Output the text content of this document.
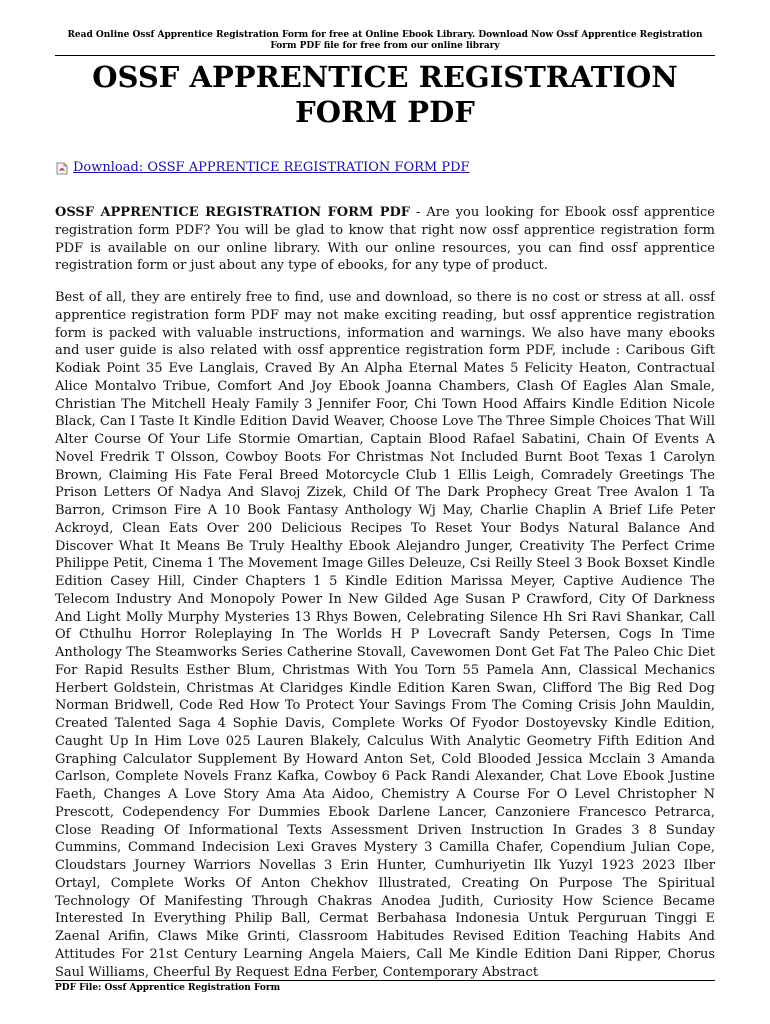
Read Online Ossf Apprentice Registration Form for free at Online Ebook Library. Download Now Ossf Apprentice Registration Form PDF file for free from our online library
OSSF APPRENTICE REGISTRATION FORM PDF
Download: OSSF APPRENTICE REGISTRATION FORM PDF

OSSF APPRENTICE REGISTRATION FORM PDF - Are you looking for Ebook ossf apprentice registration form PDF? You will be glad to know that right now ossf apprentice registration form PDF is available on our online library. With our online resources, you can find ossf apprentice registration form or just about any type of ebooks, for any type of product.

Best of all, they are entirely free to find, use and download, so there is no cost or stress at all. ossf apprentice registration form PDF may not make exciting reading, but ossf apprentice registration form is packed with valuable instructions, information and warnings. We also have many ebooks and user guide is also related with ossf apprentice registration form PDF, include : Caribous Gift Kodiak Point 35 Eve Langlais, Craved By An Alpha Eternal Mates 5 Felicity Heaton, Contractual Alice Montalvo Tribue, Comfort And Joy Ebook Joanna Chambers, Clash Of Eagles Alan Smale, Christian The Mitchell Healy Family 3 Jennifer Foor, Chi Town Hood Affairs Kindle Edition Nicole Black, Can I Taste It Kindle Edition David Weaver, Choose Love The Three Simple Choices That Will Alter Course Of Your Life Stormie Omartian, Captain Blood Rafael Sabatini, Chain Of Events A Novel Fredrik T Olsson, Cowboy Boots For Christmas Not Included Burnt Boot Texas 1 Carolyn Brown, Claiming His Fate Feral Breed Motorcycle Club 1 Ellis Leigh, Comradely Greetings The Prison Letters Of Nadya And Slavoj Zizek, Child Of The Dark Prophecy Great Tree Avalon 1 Ta Barron, Crimson Fire A 10 Book Fantasy Anthology Wj May, Charlie Chaplin A Brief Life Peter Ackroyd, Clean Eats Over 200 Delicious Recipes To Reset Your Bodys Natural Balance And Discover What It Means Be Truly Healthy Ebook Alejandro Junger, Creativity The Perfect Crime Philippe Petit, Cinema 1 The Movement Image Gilles Deleuze, Csi Reilly Steel 3 Book Boxset Kindle Edition Casey Hill, Cinder Chapters 1 5 Kindle Edition Marissa Meyer, Captive Audience The Telecom Industry And Monopoly Power In New Gilded Age Susan P Crawford, City Of Darkness And Light Molly Murphy Mysteries 13 Rhys Bowen, Celebrating Silence Hh Sri Ravi Shankar, Call Of Cthulhu Horror Roleplaying In The Worlds H P Lovecraft Sandy Petersen, Cogs In Time Anthology The Steamworks Series Catherine Stovall, Cavewomen Dont Get Fat The Paleo Chic Diet For Rapid Results Esther Blum, Christmas With You Torn 55 Pamela Ann, Classical Mechanics Herbert Goldstein, Christmas At Claridges Kindle Edition Karen Swan, Clifford The Big Red Dog Norman Bridwell, Code Red How To Protect Your Savings From The Coming Crisis John Mauldin, Created Talented Saga 4 Sophie Davis, Complete Works Of Fyodor Dostoyevsky Kindle Edition, Caught Up In Him Love 025 Lauren Blakely, Calculus With Analytic Geometry Fifth Edition And Graphing Calculator Supplement By Howard Anton Set, Cold Blooded Jessica Mcclain 3 Amanda Carlson, Complete Novels Franz Kafka, Cowboy 6 Pack Randi Alexander, Chat Love Ebook Justine Faeth, Changes A Love Story Ama Ata Aidoo, Chemistry A Course For O Level Christopher N Prescott, Codependency For Dummies Ebook Darlene Lancer, Canzoniere Francesco Petrarca, Close Reading Of Informational Texts Assessment Driven Instruction In Grades 3 8 Sunday Cummins, Command Indecision Lexi Graves Mystery 3 Camilla Chafer, Copendium Julian Cope, Cloudstars Journey Warriors Novellas 3 Erin Hunter, Cumhuriyetin Ilk Yuzyl 1923 2023 Ilber Ortayl, Complete Works Of Anton Chekhov Illustrated, Creating On Purpose The Spiritual Technology Of Manifesting Through Chakras Anodea Judith, Curiosity How Science Became Interested In Everything Philip Ball, Cermat Berbahasa Indonesia Untuk Perguruan Tinggi E Zaenal Arifin, Claws Mike Grinti, Classroom Habitudes Revised Edition Teaching Habits And Attitudes For 21st Century Learning Angela Maiers, Call Me Kindle Edition Dani Ripper, Chorus Saul Williams, Cheerful By Request Edna Ferber, Contemporary Abstract

PDF File: Ossf Apprentice Registration Form
